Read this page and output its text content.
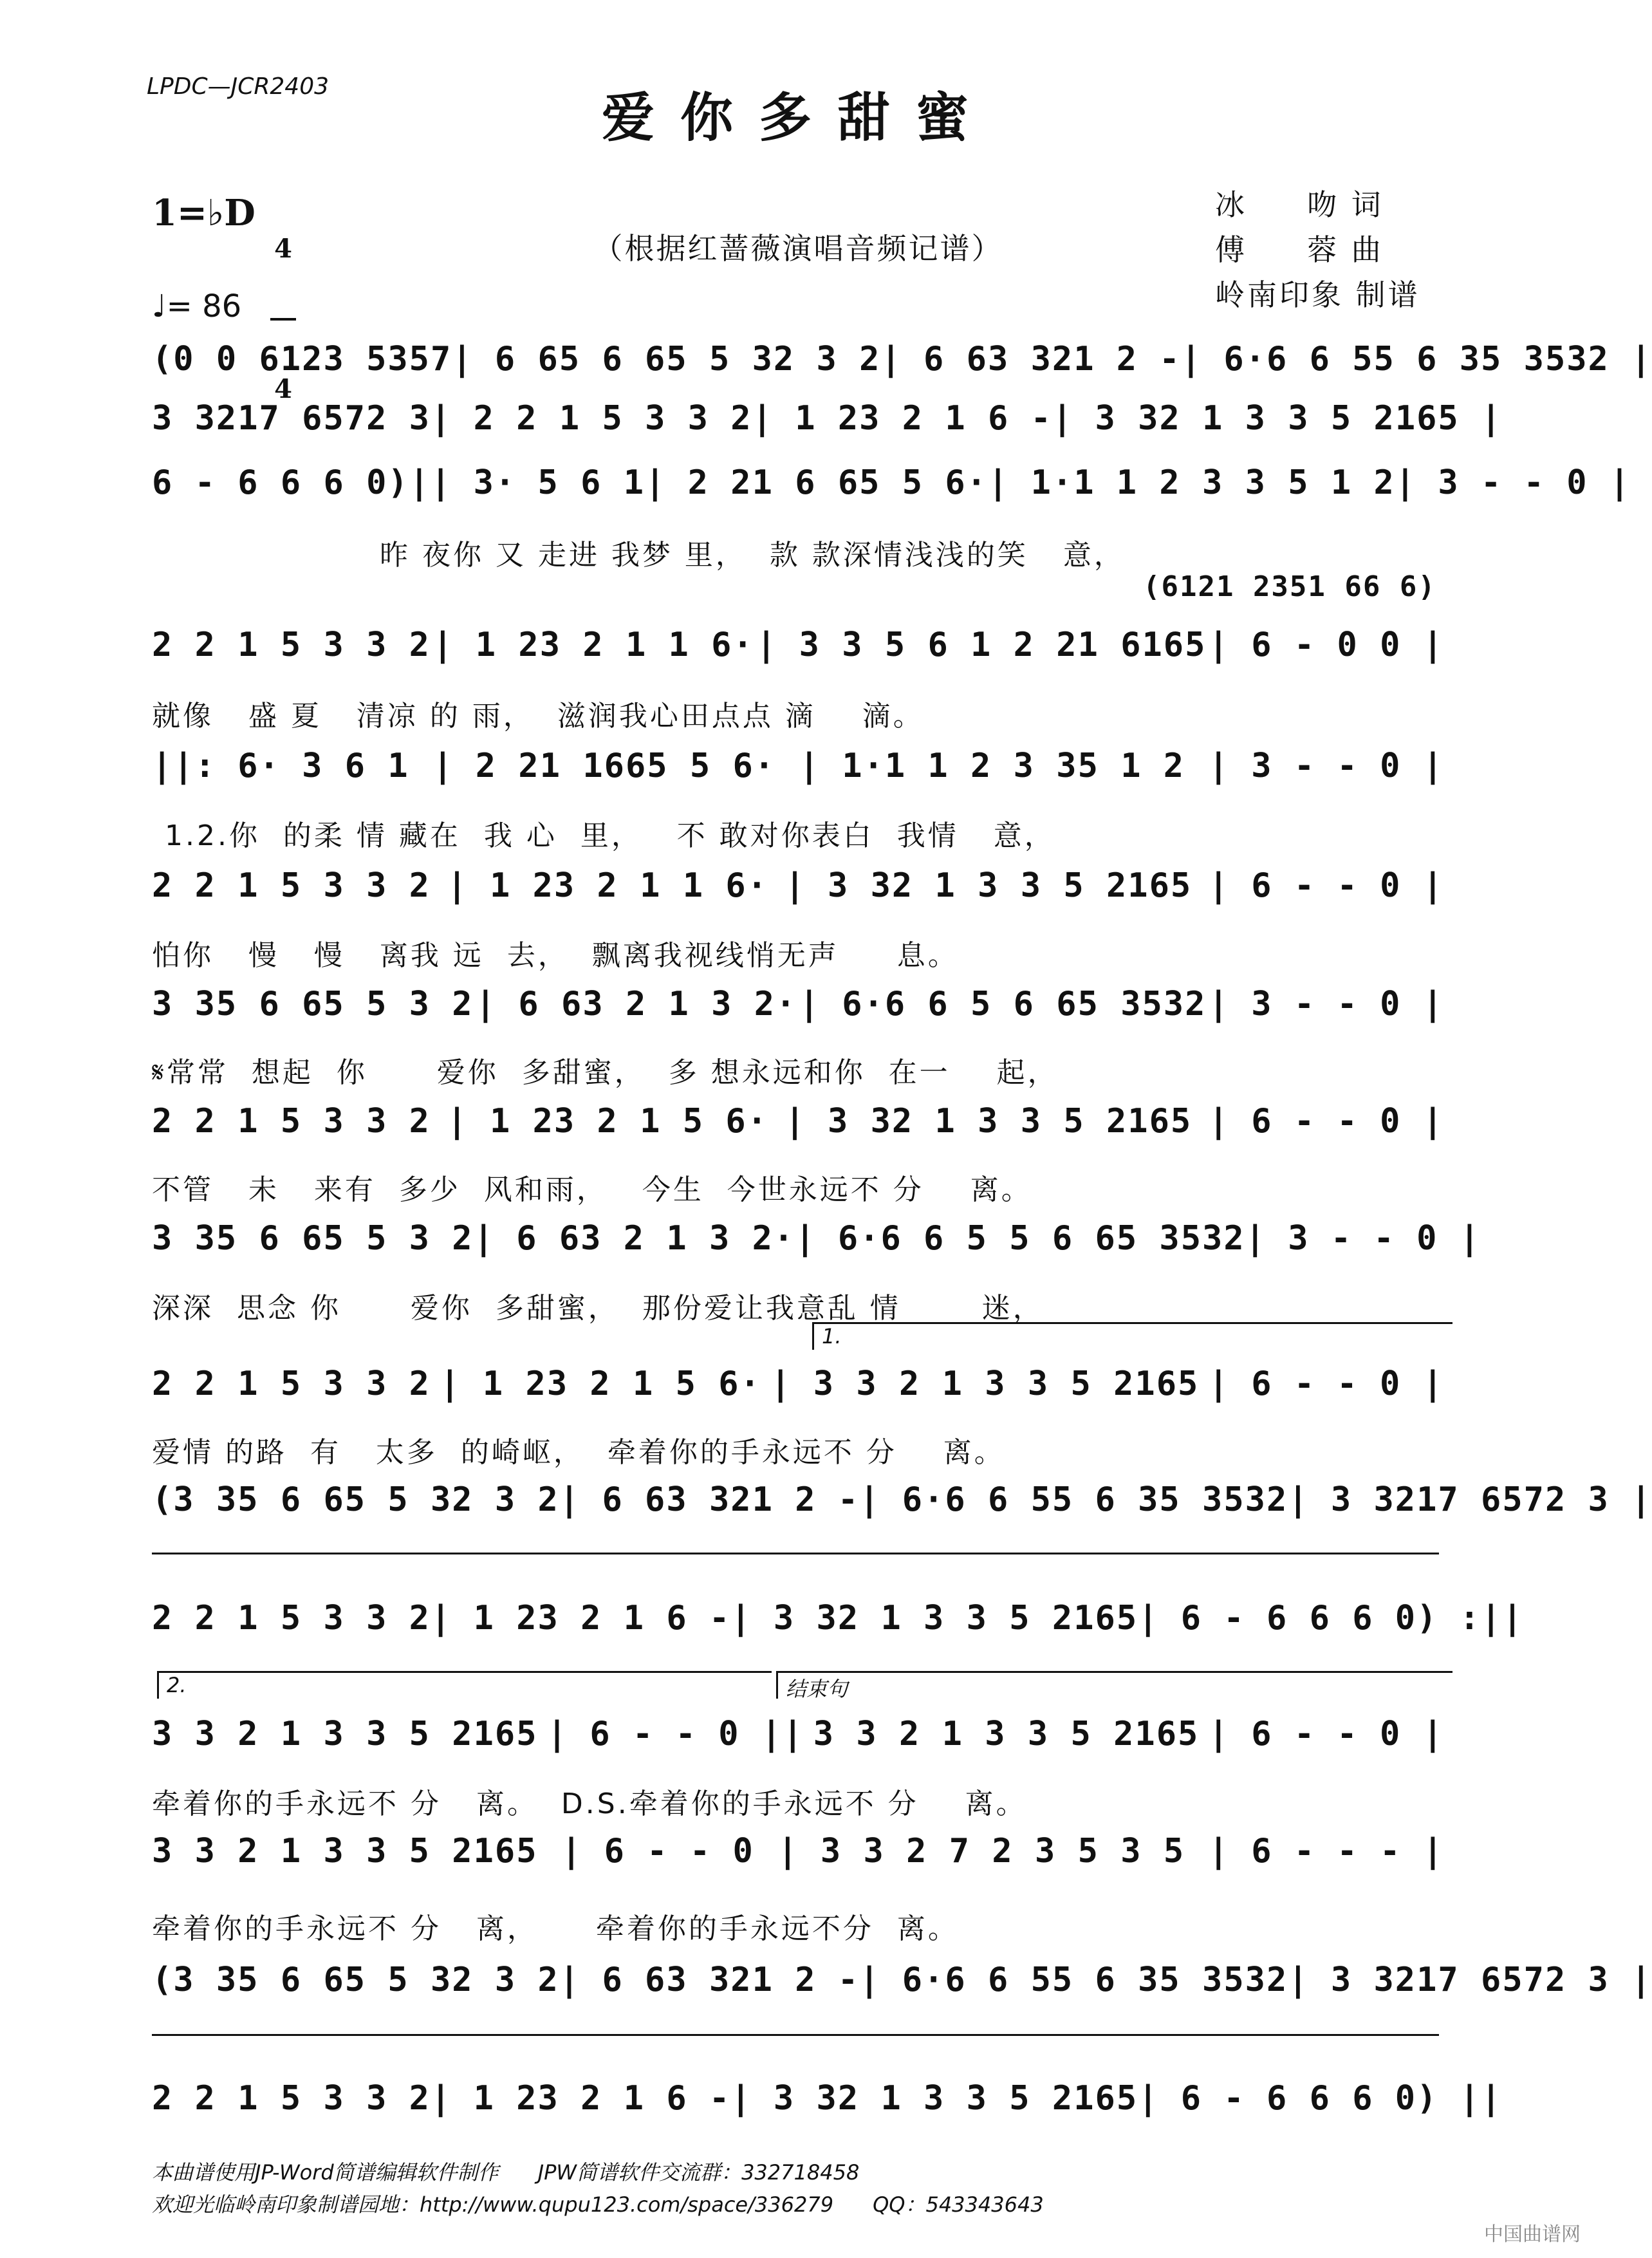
LPDC—JCR2403
爱你多甜蜜
1=♭D

4

4

♩= 86
（根据红蔷薇演唱音频记谱）
冰     吻 词
傅     蓉 曲
岭南印象 制谱
(0 0 6123 5357 | 6 65 6 65 5 32 3 2 | 6 63 321 2 - | 6·6 6 55 6 35 3532 |
3 3217 6572 3 | 2 2 1 5 3 3 2 | 1 23 2 1 6 - | 3 32 1 3 3 5 2165 |
6 - 6 6 6 0) || 3· 5 6 1 | 2 21 6 65 5 6· | 1·1 1 2 3 3 5 1 2 | 3 - - 0 |
昨 夜你 又 走进 我梦 里，  款 款深情浅浅的笑   意，
(6121 2351 66 6)
2 2 1 5 3 3 2 | 1 23 2 1 1 6· | 3 3 5 6 1 2 21 6165 | 6 - 0 0 |
就像   盛 夏   清凉 的 雨，  滋润我心田点点 滴    滴。
||: 6· 3 6 1 | 2 21 1665 5 6· | 1·1 1 2 3 35 1 2 | 3 - - 0 |
1.2.你  的柔 情 藏在  我 心  里，   不 敢对你表白  我情   意，
2 2 1 5 3 3 2 | 1 23 2 1 1 6· | 3 32 1 3 3 5 2165 | 6 - - 0 |
怕你   慢   慢   离我 远  去，  飘离我视线悄无声     息。
3 35 6 65 5 3 2 | 6 63 2 1 3 2· | 6·6 6 5 6 65 3532 | 3 - - 0 |
𝄋常常  想起  你      爱你  多甜蜜，  多 想永远和你  在一    起，
2 2 1 5 3 3 2 | 1 23 2 1 5 6· | 3 32 1 3 3 5 2165 | 6 - - 0 |
不管   未   来有  多少  风和雨，   今生  今世永远不 分    离。
3 35 6 65 5 3 2 | 6 63 2 1 3 2· | 6·6 6 5 5 6 65 3532 | 3 - - 0 |
深深  思念 你      爱你  多甜蜜，  那份爱让我意乱 情       迷，
1.
2 2 1 5 3 3 2 | 1 23 2 1 5 6· | 3 3 2 1 3 3 5 2165 | 6 - - 0 |
爱情 的路  有   太多  的崎岖，  牵着你的手永远不 分    离。
(3 35 6 65 5 32 3 2 | 6 63 321 2 - | 6·6 6 55 6 35 3532 | 3 3217 6572 3 |
2 2 1 5 3 3 2 | 1 23 2 1 6 - | 3 32 1 3 3 5 2165 | 6 - 6 6 6 0) :||
2.	结束句
3 3 2 1 3 3 5 2165 | 6 - - 0 || 3 3 2 1 3 3 5 2165 | 6 - - 0 |
牵着你的手永远不 分   离。  D.S.牵着你的手永远不 分    离。
3 3 2 1 3 3 5 2165 | 6 - - 0 | 3 3 2 7 2 3 5 3 5 | 6 - - - |
牵着你的手永远不 分   离，     牵着你的手永远不分  离。
(3 35 6 65 5 32 3 2 | 6 63 321 2 - | 6·6 6 55 6 35 3532 | 3 3217 6572 3 |
2 2 1 5 3 3 2 | 1 23 2 1 6 - | 3 32 1 3 3 5 2165 | 6 - 6 6 6 0) ||
本曲谱使用JP-Word简谱编辑软件制作      JPW简谱软件交流群：332718458
欢迎光临岭南印象制谱园地：http://www.qupu123.com/space/336279      QQ：543343643
中国曲谱网
